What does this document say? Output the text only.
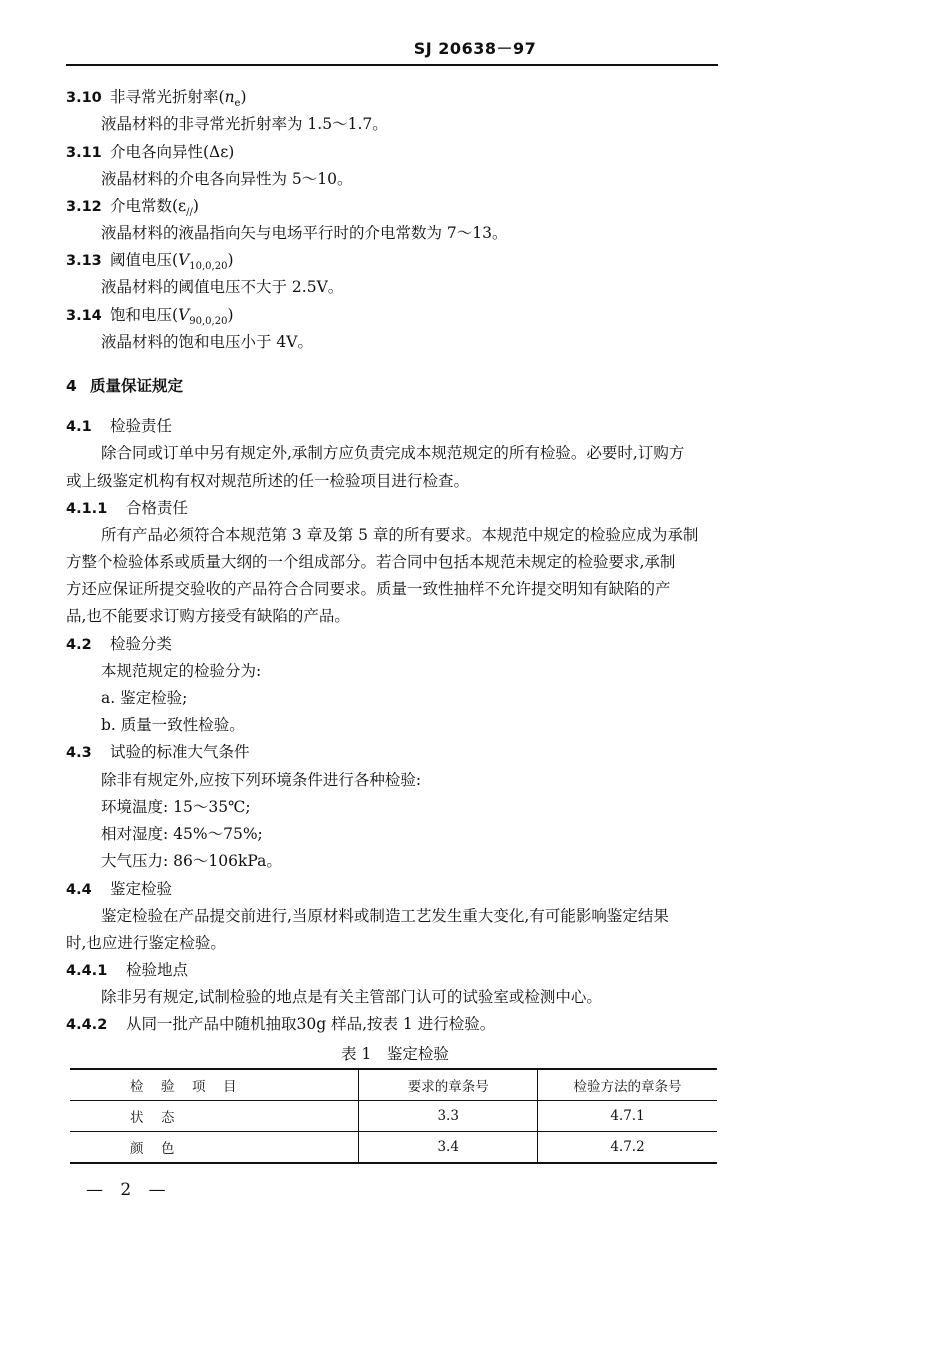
SJ 20638－97
3.10 非寻常光折射率$(n_e)$
液晶材料的非寻常光折射率为 1.5～1.7。
3.11 介电各向异性(Δε)
液晶材料的介电各向异性为 5～10。
3.12 介电常数$(\varepsilon_{//})$
液晶材料的液晶指向矢与电场平行时的介电常数为 7～13。
3.13 阈值电压$(V_{10,0,20})$
液晶材料的阈值电压不大于 2.5V。
3.14 饱和电压$(V_{90,0,20})$
液晶材料的饱和电压小于 4V。
4 质量保证规定
4.1 检验责任
除合同或订单中另有规定外,承制方应负责完成本规范规定的所有检验。必要时,订购方
或上级鉴定机构有权对规范所述的任一检验项目进行检查。
4.1.1 合格责任
所有产品必须符合本规范第 3 章及第 5 章的所有要求。本规范中规定的检验应成为承制
方整个检验体系或质量大纲的一个组成部分。若合同中包括本规范未规定的检验要求,承制
方还应保证所提交验收的产品符合合同要求。质量一致性抽样不允许提交明知有缺陷的产
品,也不能要求订购方接受有缺陷的产品。
4.2 检验分类
本规范规定的检验分为:
a. 鉴定检验;
b. 质量一致性检验。
4.3 试验的标准大气条件
除非有规定外,应按下列环境条件进行各种检验:
环境温度: 15～35℃;
相对湿度: 45%～75%;
大气压力: 86～106kPa。
4.4 鉴定检验
鉴定检验在产品提交前进行,当原材料或制造工艺发生重大变化,有可能影响鉴定结果
时,也应进行鉴定检验。
4.4.1 检验地点
除非另有规定,试制检验的地点是有关主管部门认可的试验室或检测中心。
4.4.2 从同一批产品中随机抽取30g 样品,按表 1 进行检验。
表 1　鉴定检验
检　验　项　目	要求的章条号	检验方法的章条号
状　态	3.3	4.7.1
颜　色	3.4	4.7.2
— 2 —
